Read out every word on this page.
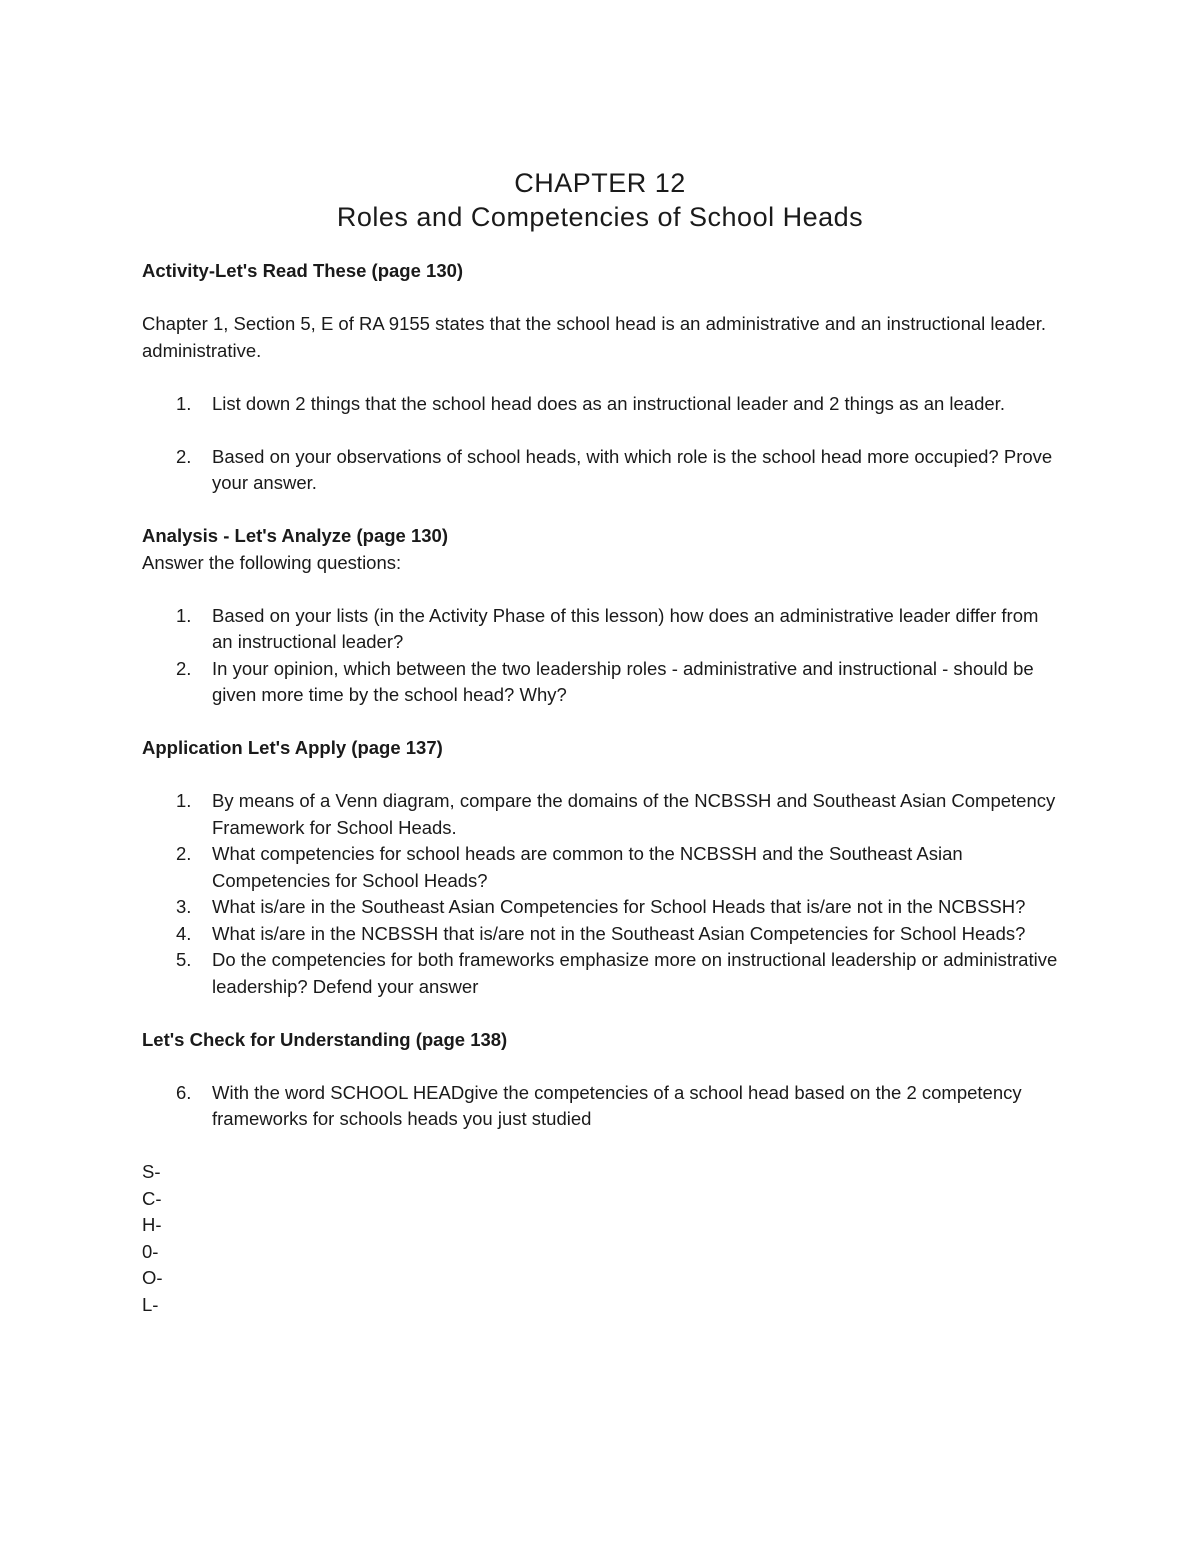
CHAPTER 12
Roles and Competencies of School Heads

Activity-Let's Read These (page 130)

Chapter 1, Section 5, E of RA 9155 states that the school head is an administrative and an instructional leader. administrative.

1. List down 2 things that the school head does as an instructional leader and 2 things as an leader.
2. Based on your observations of school heads, with which role is the school head more occupied? Prove your answer.

Analysis - Let's Analyze (page 130)

Answer the following questions:

1. Based on your lists (in the Activity Phase of this lesson) how does an administrative leader differ from an instructional leader?
2. In your opinion, which between the two leadership roles - administrative and instructional - should be given more time by the school head? Why?

Application Let's Apply (page 137)

1. By means of a Venn diagram, compare the domains of the NCBSSH and Southeast Asian Competency Framework for School Heads.
2. What competencies for school heads are common to the NCBSSH and the Southeast Asian Competencies for School Heads?
3. What is/are in the Southeast Asian Competencies for School Heads that is/are not in the NCBSSH?
4. What is/are in the NCBSSH that is/are not in the Southeast Asian Competencies for School Heads?
5. Do the competencies for both frameworks emphasize more on instructional leadership or administrative leadership? Defend your answer

Let's Check for Understanding (page 138)

6. With the word SCHOOL HEADgive the competencies of a school head based on the 2 competency frameworks for schools heads you just studied

S-

C-

H-

0-

O-

L-
